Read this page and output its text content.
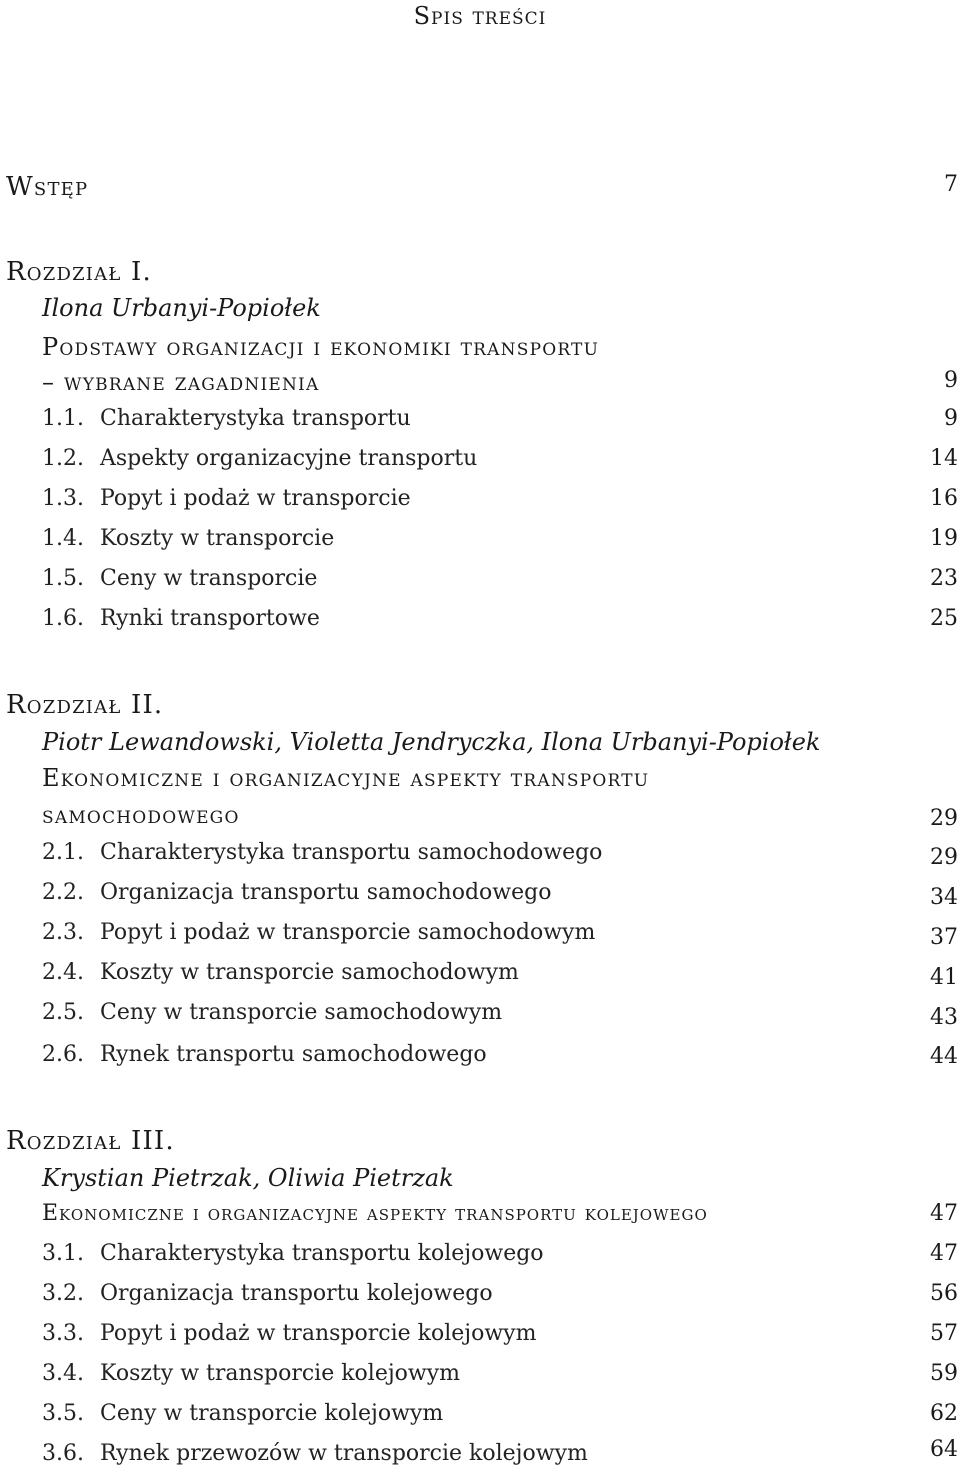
Spis treści
Wstęp	7
Rozdział I.
Ilona Urbanyi-Popiołek
Podstawy organizacji i ekonomiki transportu
– wybrane zagadnienia	9
1.1. Charakterystyka transportu	9
1.2. Aspekty organizacyjne transportu	14
1.3. Popyt i podaż w transporcie	16
1.4. Koszty w transporcie	19
1.5. Ceny w transporcie	23
1.6. Rynki transportowe	25
Rozdział II.
Piotr Lewandowski, Violetta Jendryczka, Ilona Urbanyi-Popiołek
Ekonomiczne i organizacyjne aspekty transportu
samochodowego	29
2.1. Charakterystyka transportu samochodowego	29
2.2. Organizacja transportu samochodowego	34
2.3. Popyt i podaż w transporcie samochodowym	37
2.4. Koszty w transporcie samochodowym	41
2.5. Ceny w transporcie samochodowym	43
2.6. Rynek transportu samochodowego	44
Rozdział III.
Krystian Pietrzak, Oliwia Pietrzak
Ekonomiczne i organizacyjne aspekty transportu kolejowego	47
3.1. Charakterystyka transportu kolejowego	47
3.2. Organizacja transportu kolejowego	56
3.3. Popyt i podaż w transporcie kolejowym	57
3.4. Koszty w transporcie kolejowym	59
3.5. Ceny w transporcie kolejowym	62
3.6. Rynek przewozów w transporcie kolejowym	64
